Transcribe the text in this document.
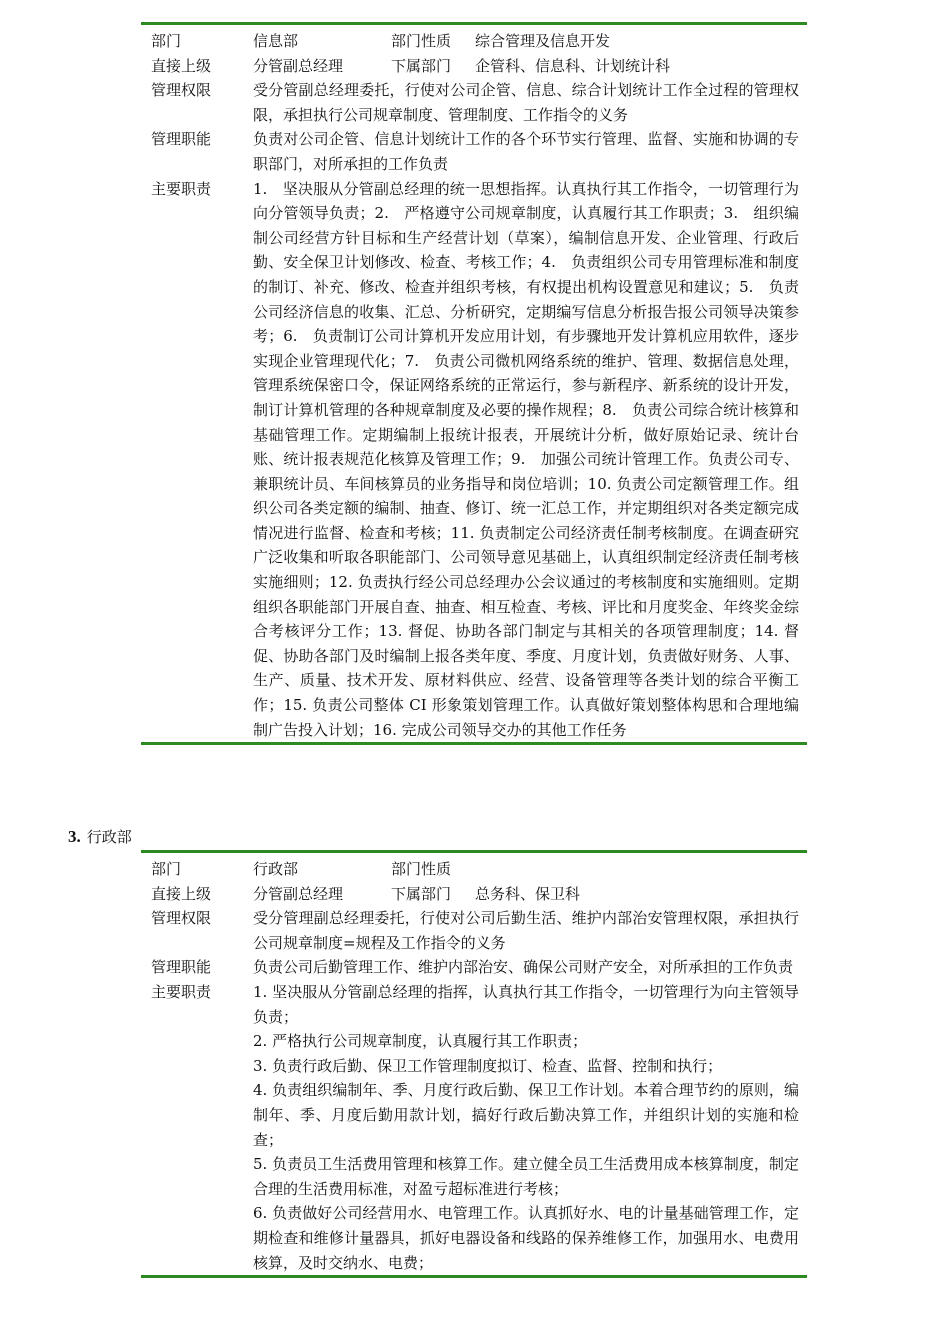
部门	信息部	部门性质 综合管理及信息开发
直接上级	分管副总经理	下属部门 企管科、信息科、计划统计科
管理权限	受分管副总经理委托，行使对公司企管、信息、综合计划统计工作全过程的管理权限，承担执行公司规章制度、管理制度、工作指令的义务
管理职能	负责对公司企管、信息计划统计工作的各个环节实行管理、监督、实施和协调的专职部门，对所承担的工作负责
主要职责	1.　坚决服从分管副总经理的统一思想指挥。认真执行其工作指令，一切管理行为向分管领导负责；2.　严格遵守公司规章制度，认真履行其工作职责；3.　组织编制公司经营方针目标和生产经营计划（草案），编制信息开发、企业管理、行政后勤、安全保卫计划修改、检查、考核工作；4.　负责组织公司专用管理标准和制度的制订、补充、修改、检查并组织考核，有权提出机构设置意见和建议；5.　负责公司经济信息的收集、汇总、分析研究，定期编写信息分析报告报公司领导决策参考；6.　负责制订公司计算机开发应用计划，有步骤地开发计算机应用软件，逐步实现企业管理现代化；7.　负责公司微机网络系统的维护、管理、数据信息处理，管理系统保密口令，保证网络系统的正常运行，参与新程序、新系统的设计开发，制订计算机管理的各种规章制度及必要的操作规程；8.　负责公司综合统计核算和基础管理工作。定期编制上报统计报表，开展统计分析，做好原始记录、统计台账、统计报表规范化核算及管理工作；9.　加强公司统计管理工作。负责公司专、兼职统计员、车间核算员的业务指导和岗位培训；10. 负责公司定额管理工作。组织公司各类定额的编制、抽查、修订、统一汇总工作，并定期组织对各类定额完成情况进行监督、检查和考核；11. 负责制定公司经济责任制考核制度。在调查研究广泛收集和听取各职能部门、公司领导意见基础上，认真组织制定经济责任制考核实施细则；12. 负责执行经公司总经理办公会议通过的考核制度和实施细则。定期组织各职能部门开展自查、抽查、相互检查、考核、评比和月度奖金、年终奖金综合考核评分工作；13. 督促、协助各部门制定与其相关的各项管理制度；14. 督促、协助各部门及时编制上报各类年度、季度、月度计划，负责做好财务、人事、生产、质量、技术开发、原材料供应、经营、设备管理等各类计划的综合平衡工作；15. 负责公司整体 CI 形象策划管理工作。认真做好策划整体构思和合理地编制广告投入计划；16. 完成公司领导交办的其他工作任务
3. 行政部
部门	行政部	部门性质
直接上级	分管副总经理	下属部门 总务科、保卫科
管理权限	受分管理副总经理委托，行使对公司后勤生活、维护内部治安管理权限，承担执行公司规章制度=规程及工作指令的义务
管理职能	负责公司后勤管理工作、维护内部治安、确保公司财产安全，对所承担的工作负责
主要职责	1. 坚决服从分管副总经理的指挥，认真执行其工作指令，一切管理行为向主管领导负责；
2. 严格执行公司规章制度，认真履行其工作职责；
3. 负责行政后勤、保卫工作管理制度拟订、检查、监督、控制和执行；
4. 负责组织编制年、季、月度行政后勤、保卫工作计划。本着合理节约的原则，编制年、季、月度后勤用款计划，搞好行政后勤决算工作，并组织计划的实施和检查；
5. 负责员工生活费用管理和核算工作。建立健全员工生活费用成本核算制度，制定合理的生活费用标准，对盈亏超标准进行考核；
6. 负责做好公司经营用水、电管理工作。认真抓好水、电的计量基础管理工作，定期检查和维修计量器具，抓好电器设备和线路的保养维修工作，加强用水、电费用核算，及时交纳水、电费；
